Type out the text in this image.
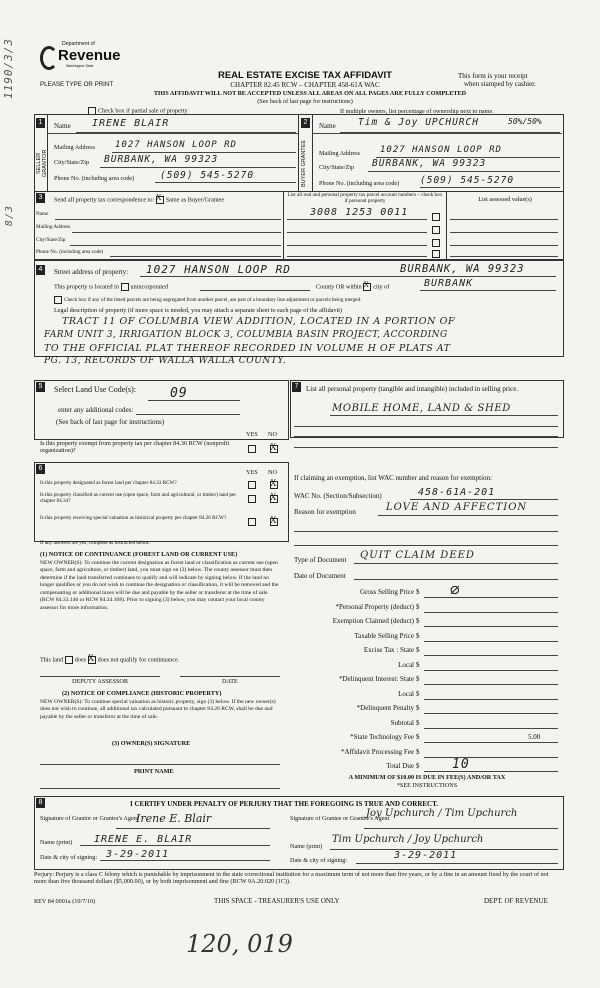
1190/3/3
8/3
Department of
Revenue
Washington State
PLEASE TYPE OR PRINT
REAL ESTATE EXCISE TAX AFFIDAVIT
CHAPTER 82.45 RCW – CHAPTER 458-61A WAC
THIS AFFIDAVIT WILL NOT BE ACCEPTED UNLESS ALL AREAS ON ALL PAGES ARE FULLY COMPLETED
(See back of last page for instructions)
This form is your receipt
when stamped by cashier.
Check box if partial sale of property	If multiple owners, list percentage of ownership next to name.
1	2
SELLER GRANTOR	BUYER GRANTEE
Name IRENE BLAIR
Mailing Address 1027 HANSON LOOP RD
City/State/Zip BURBANK, WA 99323
Phone No. (including area code)	(509) 545-5270
Name Tim & Joy UPCHURCH	50%/50%
Mailing Address 1027 HANSON LOOP RD
City/State/Zip BURBANK, WA 99323
Phone No. (including area code) (509) 545-5270
3	Send all property tax correspondence to: X Same as Buyer/Grantee
Name
Mailing Address
City/State/Zip
Phone No. (including area code)
List all real and personal property tax parcel account numbers – check box if personal property	List assessed value(s)
3008 1253 0011
4	Street address of property: 1027 HANSON LOOP RD	BURBANK, WA 99323
This property is located in unincorporated	County OR within X city of	BURBANK
Check box if any of the listed parcels are being segregated from another parcel, are part of a boundary line adjustment or parcels being merged.
Legal description of property (if more space is needed, you may attach a separate sheet to each page of the affidavit)
TRACT 11 OF COLUMBIA VIEW ADDITION, LOCATED IN A PORTION OF
FARM UNIT 3, IRRIGATION BLOCK 3, COLUMBIA BASIN PROJECT, ACCORDING
TO THE OFFICIAL PLAT THEREOF RECORDED IN VOLUME H OF PLATS AT
PG. 13, RECORDS OF WALLA WALLA COUNTY.
5	Select Land Use Code(s):	09
enter any additional codes:
(See back of last page for instructions)
YES NO
Is this property exempt from property tax per chapter 84.36 RCW (nonprofit organization)?	X
7	List all personal property (tangible and intangible) included in selling price.
MOBILE HOME, LAND & SHED
6
YES NO
Is this property designated as forest land per chapter 84.33 RCW?	X
Is this property classified as current use (open space, farm and agricultural, or timber) land per chapter 84.34?	X
Is this property receiving special valuation as historical property per chapter 84.26 RCW?	X
If any answers are yes, complete as instructed below.
(1) NOTICE OF CONTINUANCE (FOREST LAND OR CURRENT USE)
NEW OWNER(S): To continue the current designation as forest land or classification as current use (open space, farm and agriculture, or timber) land, you must sign on (3) below. The county assessor must then determine if the land transferred continues to qualify and will indicate by signing below. If the land no longer qualifies or you do not wish to continue the designation or classification, it will be removed and the compensating or additional taxes will be due and payable by the seller or transferor at the time of sale. (RCW 84.33.140 or RCW 84.34.108). Prior to signing (3) below, you may contact your local county assessor for more information.
This land does X does not qualify for continuance.
DEPUTY ASSESSOR	DATE
(2) NOTICE OF COMPLIANCE (HISTORIC PROPERTY)
NEW OWNER(S): To continue special valuation as historic property, sign (3) below. If the new owner(s) does not wish to continue, all additional tax calculated pursuant to chapter 84.26 RCW, shall be due and payable by the seller or transferor at the time of sale.
(3) OWNER(S) SIGNATURE
PRINT NAME
If claiming an exemption, list WAC number and reason for exemption:
WAC No. (Section/Subsection)	458-61A-201
Reason for exemption	LOVE AND AFFECTION
Type of Document QUIT CLAIM DEED
Date of Document
Gross Selling Price $ ∅
*Personal Property (deduct) $
Exemption Claimed (deduct) $
Taxable Selling Price $
Excise Tax : State $
Local $
*Delinquent Interest: State $
Local $
*Delinquent Penalty $
Subtotal $
*State Technology Fee $	5.00
*Affidavit Processing Fee $
Total Due $	10
A MINIMUM OF $10.00 IS DUE IN FEE(S) AND/OR TAX
*SEE INSTRUCTIONS
8	I CERTIFY UNDER PENALTY OF PERJURY THAT THE FOREGOING IS TRUE AND CORRECT.
Signature of Grantor or Grantor's Agent
Irene E. Blair
Name (print) IRENE E. BLAIR
Date & city of signing: 3-29-2011
Signature of Grantee or Grantee's Agent
Joy Upchurch / Tim Upchurch
Name (print)
Tim Upchurch / Joy Upchurch
Date & city of signing:	3-29-2011
Perjury: Perjury is a class C felony which is punishable by imprisonment in the state correctional institution for a maximum term of not more than five years, or by a fine in an amount fixed by the court of not more than five thousand dollars ($5,000.00), or by both imprisonment and fine (RCW 9A.20.020 (1C)).
REV 84 0001a (10/7/10)	THIS SPACE - TREASURER'S USE ONLY	DEPT. OF REVENUE
120, 019
